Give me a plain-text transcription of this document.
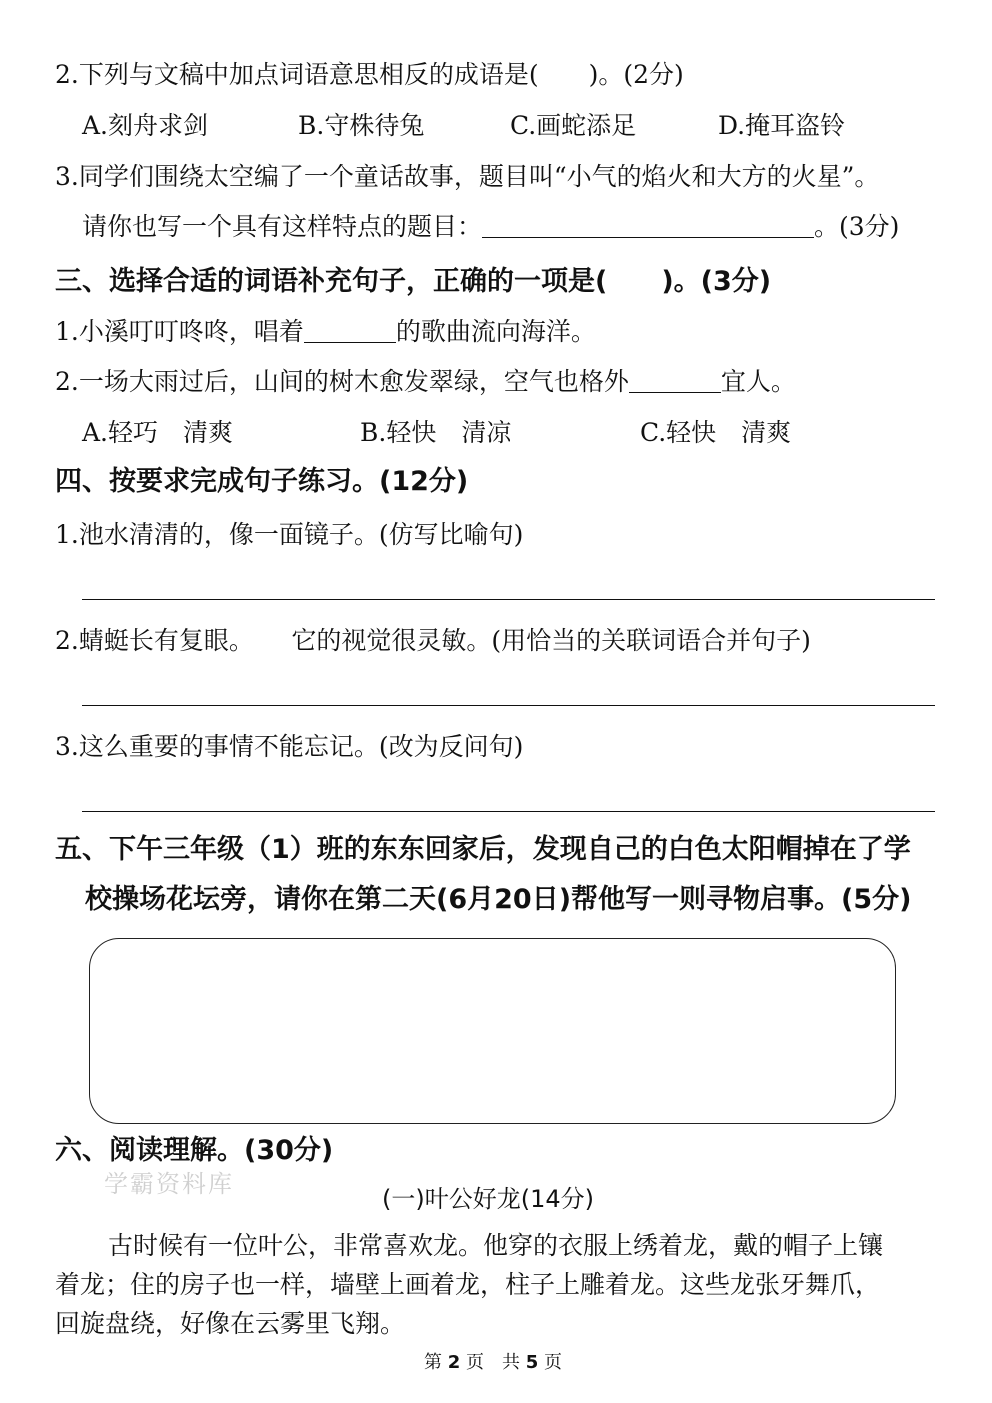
2.下列与文稿中加点词语意思相反的成语是(　　)。(2分)
A.刻舟求剑	B.守株待兔	C.画蛇添足	D.掩耳盗铃
3.同学们围绕太空编了一个童话故事，题目叫“小气的焰火和大方的火星”。
请你也写一个具有这样特点的题目：	。(3分)
三、选择合适的词语补充句子，正确的一项是(　　)。(3分)
1.小溪叮叮咚咚，唱着	的歌曲流向海洋。
2.一场大雨过后，山间的树木愈发翠绿，空气也格外	宜人。
A.轻巧　清爽	B.轻快　清凉	C.轻快　清爽
四、按要求完成句子练习。(12分)
1.池水清清的，像一面镜子。(仿写比喻句)
2.蜻蜓长有复眼。　　它的视觉很灵敏。(用恰当的关联词语合并句子)
3.这么重要的事情不能忘记。(改为反问句)
五、下午三年级（1）班的东东回家后，发现自己的白色太阳帽掉在了学
校操场花坛旁，请你在第二天(6月20日)帮他写一则寻物启事。(5分)
六、阅读理解。(30分)
学霸资料库
(一)叶公好龙(14分)
古时候有一位叶公，非常喜欢龙。他穿的衣服上绣着龙，戴的帽子上镶
着龙；住的房子也一样，墙壁上画着龙，柱子上雕着龙。这些龙张牙舞爪，
回旋盘绕，好像在云雾里飞翔。
第 2 页　共 5 页
